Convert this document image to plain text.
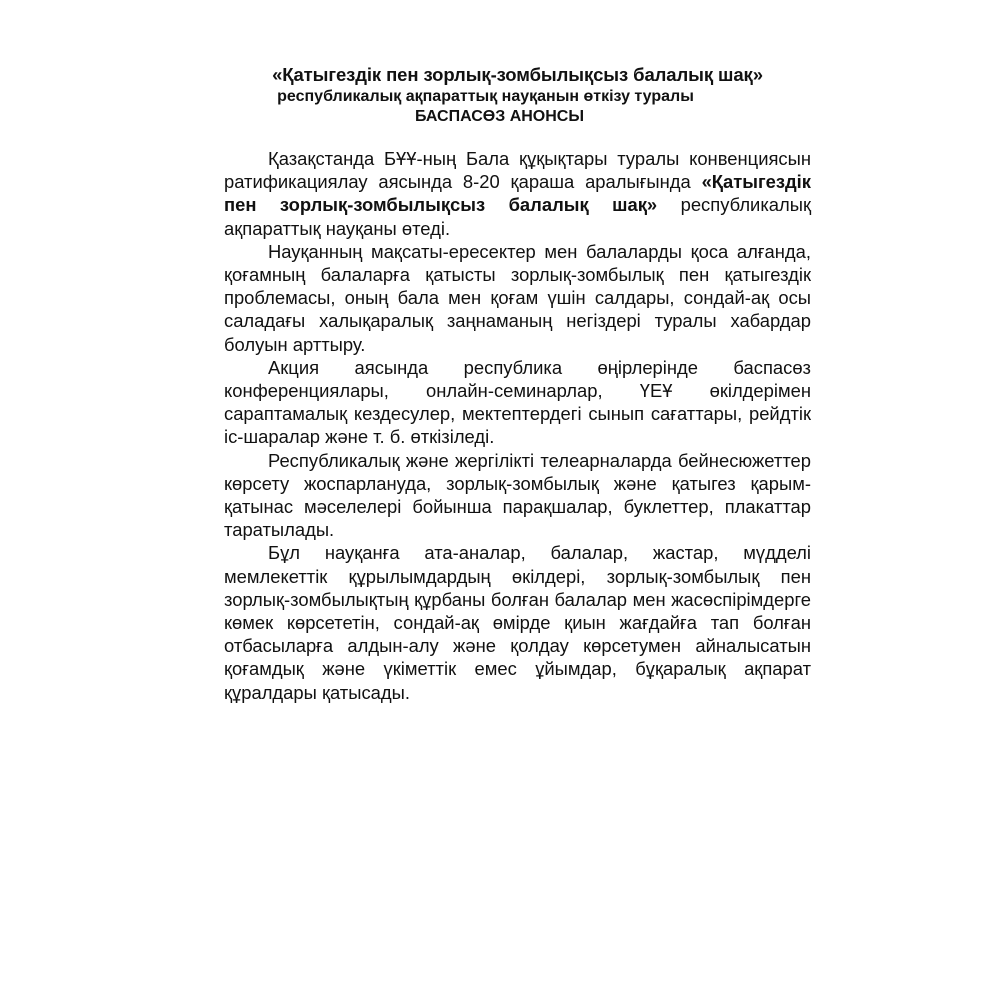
«Қатыгездік пен зорлық-зомбылықсыз балалық шақ»
республикалық ақпараттық науқанын өткізу туралы
БАСПАСӨЗ АНОНСЫ

Қазақстанда БҰҰ-ның Бала құқықтары туралы конвенциясын ратификациялау аясында 8-20 қараша аралығында «Қатыгездік пен зорлық-зомбылықсыз балалық шақ» республикалық ақпараттық науқаны өтеді.

Науқанның мақсаты-ересектер мен балаларды қоса алғанда, қоғамның балаларға қатысты зорлық-зомбылық пен қатыгездік проблемасы, оның бала мен қоғам үшін салдары, сондай-ақ осы саладағы халықаралық заңнаманың негіздері туралы хабардар болуын арттыру.

Акция аясында республика өңірлерінде баспасөз конференциялары, онлайн-семинарлар, ҮЕҰ өкілдерімен сараптамалық кездесулер, мектептердегі сынып сағаттары, рейдтік іс-шаралар және т. б. өткізіледі.

Республикалық және жергілікті телеарналарда бейнесюжеттер көрсету жоспарлануда, зорлық-зомбылық және қатыгез қарым-қатынас мәселелері бойынша парақшалар, буклеттер, плакаттар таратылады.

Бұл науқанға ата-аналар, балалар, жастар, мүдделі мемлекеттік құрылымдардың өкілдері, зорлық-зомбылық пен зорлық-зомбылықтың құрбаны болған балалар мен жасөспірімдерге көмек көрсететін, сондай-ақ өмірде қиын жағдайға тап болған отбасыларға алдын-алу және қолдау көрсетумен айналысатын қоғамдық және үкіметтік емес ұйымдар, бұқаралық ақпарат құралдары қатысады.
